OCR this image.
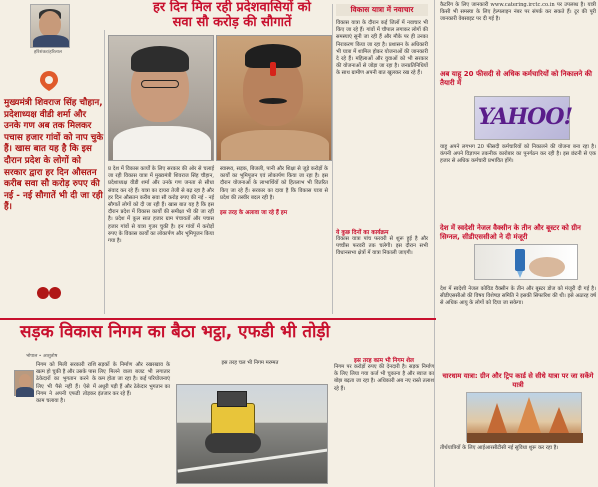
हरिशंकर/हरिलाल
मुख्यमंत्री शिवराज सिंह चौहान, प्रदेशाध्यक्ष वीडी शर्मा और उनके गण अब तक मिलकर पचास हजार गांवों को नाप चुके हैं। खास बात यह है कि इस दौरान प्रदेश के लोगों को सरकार द्वारा हर दिन औसतन करीब सवा सौ करोड़ रुपए की नई - नई सौगातें भी दी जा रही हैं।
हर दिन मिल रही प्रदेशवासियों को
सवा सौ करोड़ की सौगातें
प्र देश में विकास कार्यों के लिए सरकार की ओर से चलाई जा रही विकास यात्रा में मुख्यमंत्री शिवराज सिंह चौहान, प्रदेशाध्यक्ष वीडी शर्मा और उनके गण जनता से सीधा संवाद कर रहे हैं। यात्रा का दायरा तेजी से बढ़ रहा है और हर दिन औसतन करीब सवा सौ करोड़ रुपए की नई - नई सौगातें लोगों को दी जा रही हैं। खास बात यह है कि इस दौरान प्रदेश में विकास कार्यों की समीक्षा भी की जा रही है। प्रदेश में कुल सात हजार ग्राम पंचायतों और पचास हजार गांवों से यात्रा गुजर चुकी है। इन गांवों में करोड़ों रुपए के विकास कार्यों का लोकार्पण और भूमिपूजन किया गया है।
स्वास्थ्य, सड़क, बिजली, पानी और शिक्षा से जुड़े करोड़ों के कार्यों का भूमिपूजन एवं लोकार्पण किया जा रहा है। इस दौरान योजनाओं के लाभार्थियों को हितलाभ भी वितरित किए जा रहे हैं। सरकार का दावा है कि विकास यात्रा से प्रदेश की तस्वीर बदल रही है।
इस तरह के अलावा जा रहे हैं हम
विकास यात्रा में नवाचार
विकास यात्रा के दौरान कई जिलों में नवाचार भी किए जा रहे हैं। गांवों में चौपाल लगाकर लोगों की समस्याएं सुनी जा रही हैं और मौके पर ही उनका निराकरण किया जा रहा है। प्रशासन के अधिकारी भी यात्रा में शामिल होकर योजनाओं की जानकारी दे रहे हैं। महिलाओं और युवाओं को भी सरकार की योजनाओं से जोड़ा जा रहा है। जनप्रतिनिधियों के साथ ग्रामीण अपनी बात खुलकर रख रहे हैं।
ये कुछ दिनों का कार्यक्रम
विकास यात्रा पांच फरवरी से शुरू हुई है और पच्चीस फरवरी तक चलेगी। इस दौरान सभी विधानसभा क्षेत्रों में यात्रा निकाली जाएगी।
कैटरिंग के लिए जानकारी www.catering.irctc.co.in पर उपलब्ध है। यात्री किसी भी समस्या के लिए हेल्पलाइन नंबर पर संपर्क कर सकते हैं। टूर की पूरी जानकारी वेबसाइट पर दी गई है।
अब याहू 20 फीसदी से अधिक कर्मचारियों को निकालने की तैयारी में
YAHOO!
याहू अपने लगभग 20 फीसदी कर्मचारियों को निकालने की योजना बना रहा है। कंपनी अपने विज्ञापन तकनीक कारोबार का पुनर्गठन कर रही है। इस छंटनी से एक हजार से अधिक कर्मचारी प्रभावित होंगे।
देश में स्वदेशी नेजल वैक्सीन के तीन और बूस्टर को ग्रीन सिग्नल, सीडीएससीओ ने दी मंजूरी
देश में स्वदेशी नेजल कोविड वैक्सीन के तीन और बूस्टर डोज को मंजूरी दी गई है। सीडीएससीओ की विषय विशेषज्ञ समिति ने इसकी सिफारिश की थी। इसे अठारह वर्ष से अधिक आयु के लोगों को दिया जा सकेगा।
चारधाम यात्रा: ग्रीन और ट्रिप कार्ड से सीधे यात्रा पर जा सकेंगे यात्री
तीर्थयात्रियों के लिए आईआरसीटीसी नई सुविधा शुरू कर रहा है।
सड़क विकास निगम का बैठा भट्ठा, एफडी भी तोड़ी
भोपाल • आशुतोष
निगम को मिली सरकारी राशि खत्म हो चुकी है और उसके पास ठेकेदारों का भुगतान करने के लिए भी पैसे नहीं हैं। ऐसे में निगम ने अपनी एफडी तोड़कर काम चलाया है।
सड़कों के निर्माण और रखरखाव के लिए मिलने वाला बजट भी लगातार कम होता जा रहा है। कई परियोजनाएं अधूरी पड़ी हैं और ठेकेदार भुगतान का इंतजार कर रहे हैं।
इस तरह चल भी निगम मरम्मत	इस तरह काम भी निगम शेल
निगम पर करोड़ों रुपए की देनदारी है। सड़क निर्माण के लिए लिया गया कर्ज भी चुकाना है और ब्याज का बोझ बढ़ता जा रहा है। अधिकारी अब नए रास्ते तलाश रहे हैं।
